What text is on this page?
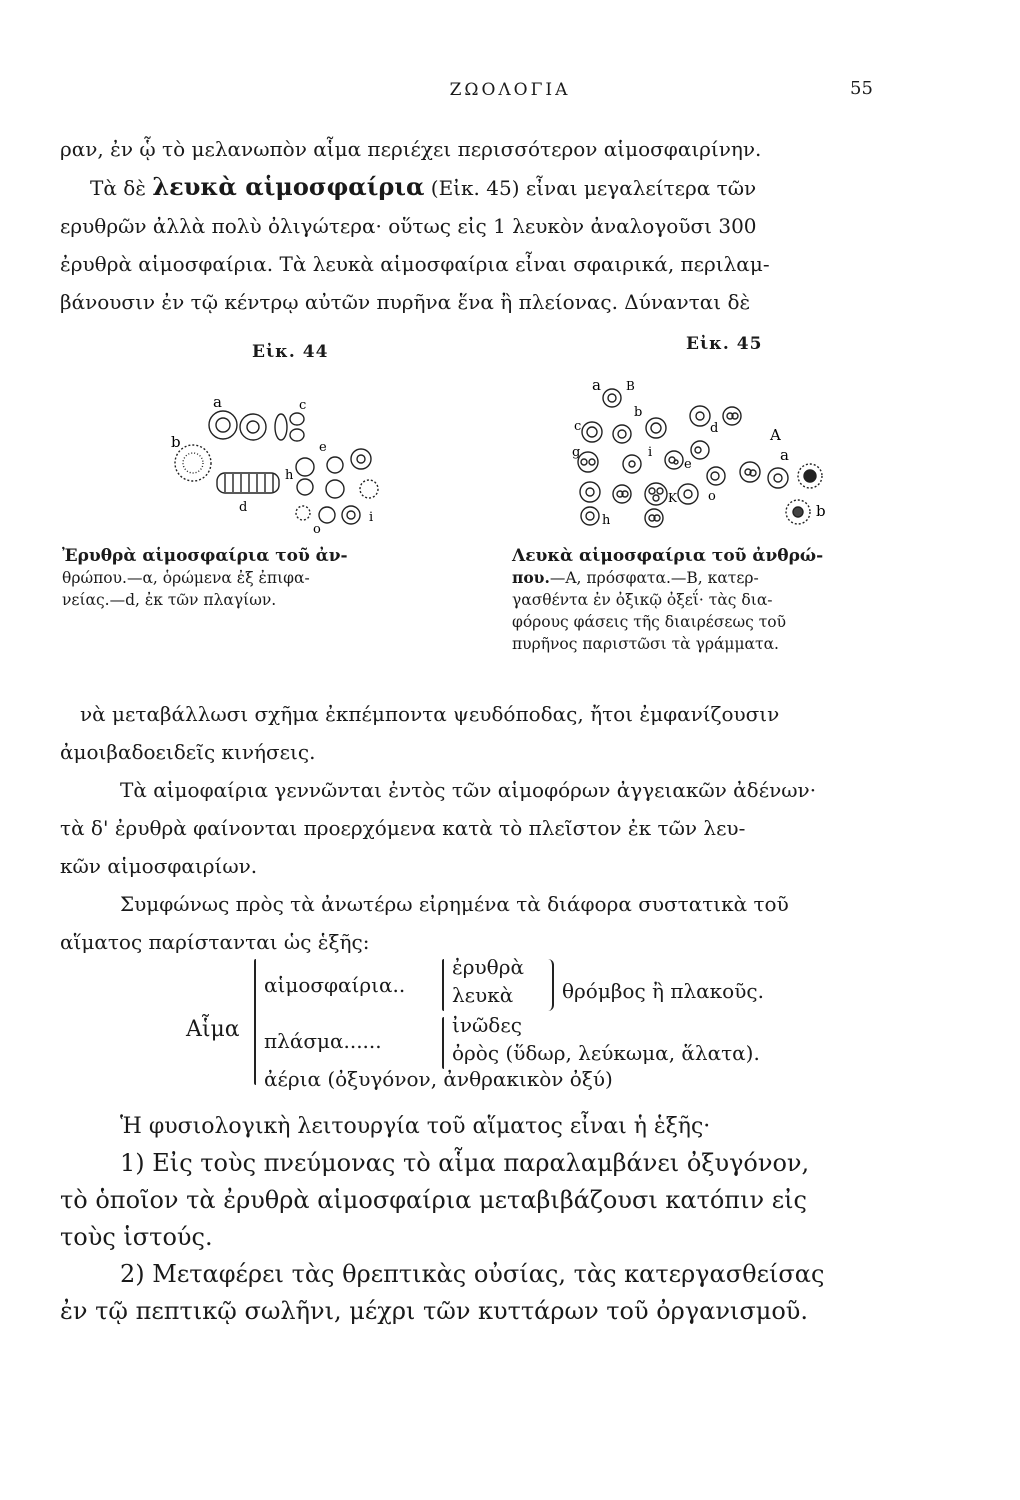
ΖΩΟΛΟΓΙΑ	55
ραν, ἐν ᾧ τὸ μελανωπὸν αἷμα περιέχει περισσότερον αἱμοσφαιρίνην.
Τὰ δὲ λευκὰ αἱμοσφαίρια (Εἰκ. 45) εἶναι μεγαλείτερα τῶν
ερυθρῶν ἀλλὰ πολὺ ὀλιγώτερα· οὕτως εἰς 1 λευκὸν ἀναλογοῦσι 300
ἐρυθρὰ αἱμοσφαίρια. Τὰ λευκὰ αἱμοσφαίρια εἶναι σφαιρικά, περιλαμ-
βάνουσιν ἐν τῷ κέντρῳ αὐτῶν πυρῆνα ἕνα ἢ πλείονας. Δύνανται δὲ
Εἰκ. 44
a
b
c
e
h
d
o
i
Ἐρυθρὰ αἱμοσφαίρια τοῦ ἀν-
θρώπου.—α, ὁρώμενα ἐξ ἐπιφα-
νείας.—d, ἐκ τῶν πλαγίων.
Εἰκ. 45
a B
b
c	d	A
a
g	i
e
K o
h
b
Λευκὰ αἱμοσφαίρια τοῦ ἀνθρώ-
που.—Α, πρόσφατα.—Β, κατερ-
γασθέντα ἐν ὀξικῷ ὀξεΐ· τὰς δια-
φόρους φάσεις τῆς διαιρέσεως τοῦ
πυρῆνος παριστῶσι τὰ γράμματα.
νὰ μεταβάλλωσι σχῆμα ἐκπέμποντα ψευδόποδας, ἤτοι ἐμφανίζουσιν
ἀμοιβαδοειδεῖς κινήσεις.
Τὰ αἱμοφαίρια γεννῶνται ἐντὸς τῶν αἱμοφόρων ἀγγειακῶν ἀδένων·
τὰ δ' ἐρυθρὰ φαίνονται προερχόμενα κατὰ τὸ πλεῖστον ἐκ τῶν λευ-
κῶν αἱμοσφαιρίων.
Συμφώνως πρὸς τὰ ἀνωτέρω εἰρημένα τὰ διάφορα συστατικὰ τοῦ
αἵματος παρίστανται ὡς ἑξῆς:
Αἷμα
αἱμοσφαίρια..
ἐρυθρὰ
λευκὰ θρόμβος ἢ πλακοῦς.
πλάσμα......
ἰνῶδες
ὀρὸς (ὕδωρ, λεύκωμα, ἅλατα).
ἀέρια (ὀξυγόνον, ἀνθρακικὸν ὀξύ)
Ἡ φυσιολογικὴ λειτουργία τοῦ αἵματος εἶναι ἡ ἑξῆς·
1) Εἰς τοὺς πνεύμονας τὸ αἷμα παραλαμβάνει ὀξυγόνον,
τὸ ὁποῖον τὰ ἐρυθρὰ αἱμοσφαίρια μεταβιβάζουσι κατόπιν εἰς
τοὺς ἱστούς.
2) Μεταφέρει τὰς θρεπτικὰς οὐσίας, τὰς κατεργασθείσας
ἐν τῷ πεπτικῷ σωλῆνι, μέχρι τῶν κυττάρων τοῦ ὀργανισμοῦ.
